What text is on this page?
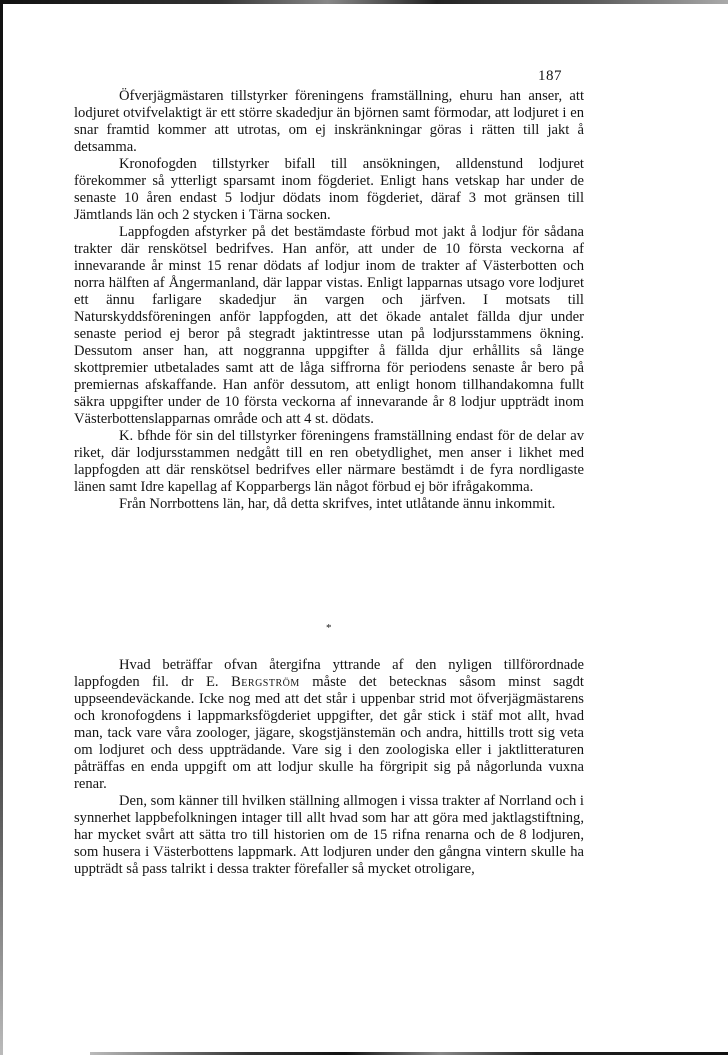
187

Öfverjägmästaren tillstyrker föreningens framställning, ehuru han anser, att lodjuret otvifvelaktigt är ett större skadedjur än björnen samt förmodar, att lodjuret i en snar framtid kommer att utrotas, om ej inskränkningar göras i rätten till jakt å detsamma.

Kronofogden tillstyrker bifall till ansökningen, alldenstund lodjuret förekommer så ytterligt sparsamt inom fögderiet. Enligt hans vetskap har under de senaste 10 åren endast 5 lodjur dödats inom fögderiet, däraf 3 mot gränsen till Jämtlands län och 2 stycken i Tärna socken.

Lappfogden afstyrker på det bestämdaste förbud mot jakt å lodjur för sådana trakter där renskötsel bedrifves. Han anför, att under de 10 första veckorna af innevarande år minst 15 renar dödats af lodjur inom de trakter af Västerbotten och norra hälften af Ångermanland, där lappar vistas. Enligt lapparnas utsago vore lodjuret ett ännu farligare skadedjur än vargen och järfven. I motsats till Naturskyddsföreningen anför lappfogden, att det ökade antalet fällda djur under senaste period ej beror på stegradt jaktintresse utan på lodjursstammens ökning. Dessutom anser han, att noggranna uppgifter å fällda djur erhållits så länge skottpremier utbetalades samt att de låga siffrorna för periodens senaste år bero på premiernas afskaffande. Han anför dessutom, att enligt honom tillhandakomna fullt säkra uppgifter under de 10 första veckorna af innevarande år 8 lodjur uppträdt inom Västerbottenslapparnas område och att 4 st. dödats.

K. bfhde för sin del tillstyrker föreningens framställning endast för de delar av riket, där lodjursstammen nedgått till en ren obetydlighet, men anser i likhet med lappfogden att där renskötsel bedrifves eller närmare bestämdt i de fyra nordligaste länen samt Idre kapellag af Kopparbergs län något förbud ej bör ifrågakomma.

Från Norrbottens län, har, då detta skrifves, intet utlåtande ännu inkommit.

*

Hvad beträffar ofvan återgifna yttrande af den nyligen tillförordnade lappfogden fil. dr E. Bergström måste det betecknas såsom minst sagdt uppseendeväckande. Icke nog med att det står i uppenbar strid mot öfverjägmästarens och kronofogdens i lappmarksfögderiet uppgifter, det går stick i stäf mot allt, hvad man, tack vare våra zoologer, jägare, skogstjänstemän och andra, hittills trott sig veta om lodjuret och dess uppträdande. Vare sig i den zoologiska eller i jaktlitteraturen påträffas en enda uppgift om att lodjur skulle ha förgripit sig på någorlunda vuxna renar.

Den, som känner till hvilken ställning allmogen i vissa trakter af Norrland och i synnerhet lappbefolkningen intager till allt hvad som har att göra med jaktlagstiftning, har mycket svårt att sätta tro till historien om de 15 rifna renarna och de 8 lodjuren, som husera i Västerbottens lappmark. Att lodjuren under den gångna vintern skulle ha uppträdt så pass talrikt i dessa trakter förefaller så mycket otroligare,
